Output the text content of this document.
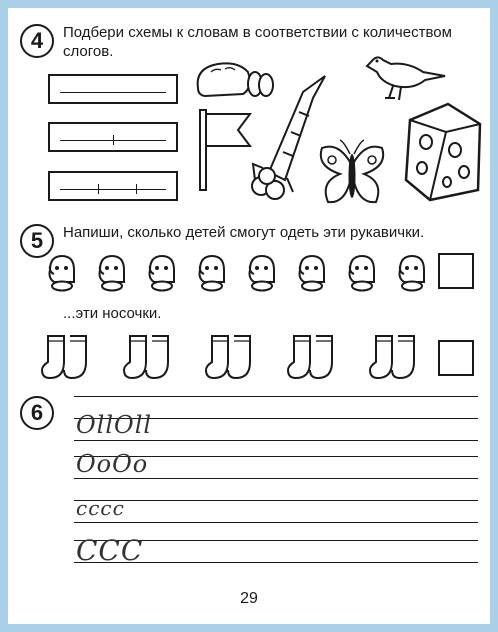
4	Подбери схемы к словам в соответствии с количеством слогов.
5	Напиши, сколько детей смогут одеть эти рукавички.
...эти носочки.
6	OllOll
OoOo
cccc
CCC
29
